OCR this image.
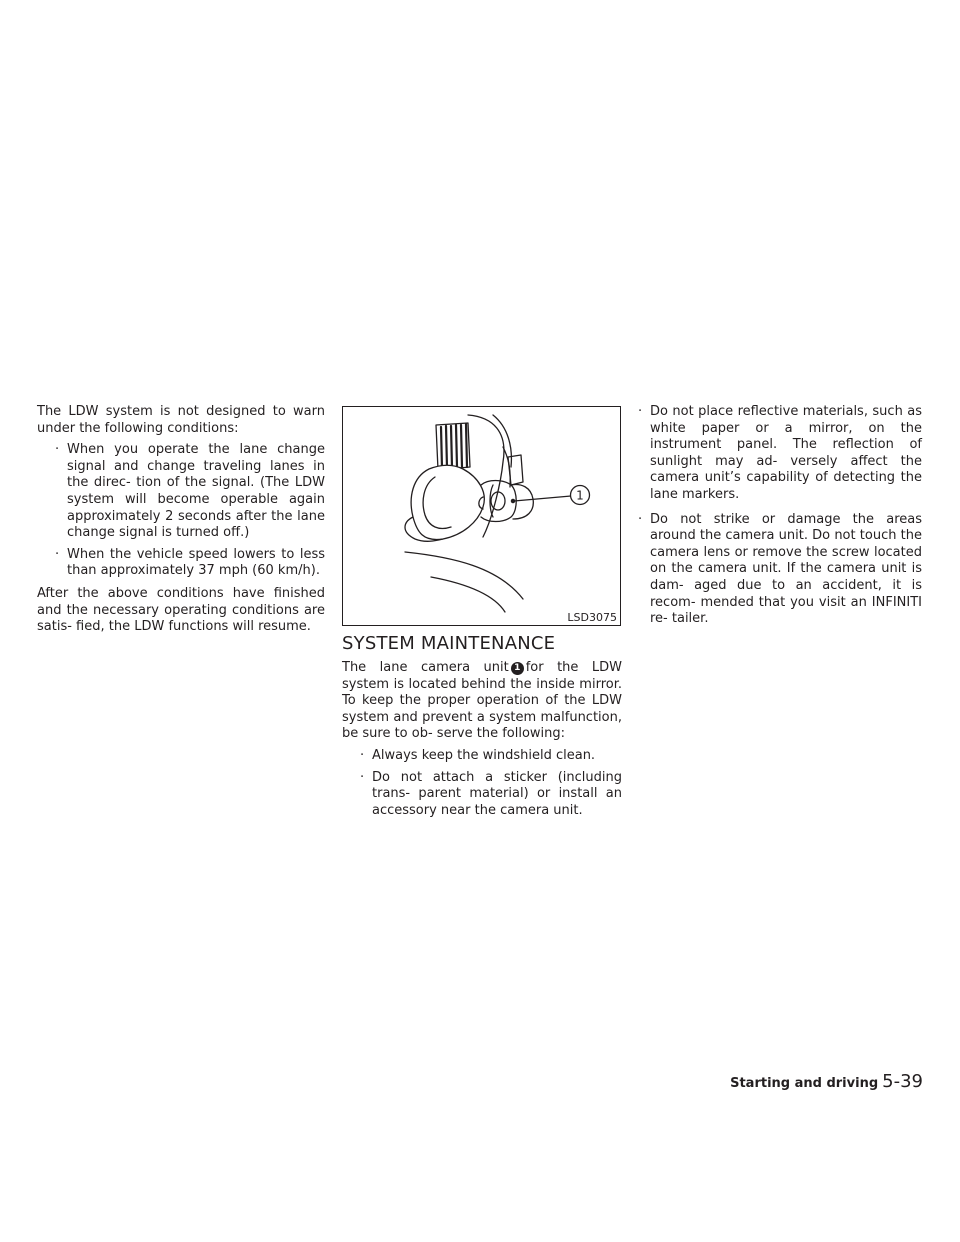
The LDW system is not designed to warn under the following conditions:

· When you operate the lane change signal and change traveling lanes in the direc- tion of the signal. (The LDW system will become operable again approximately 2 seconds after the lane change signal is turned off.)
· When the vehicle speed lowers to less than approximately 37 mph (60 km/h).

After the above conditions have finished and the necessary operating conditions are satis- fied, the LDW functions will resume.

1
LSD3075
SYSTEM MAINTENANCE

The lane camera unit 1 for the LDW system is located behind the inside mirror. To keep the proper operation of the LDW system and prevent a system malfunction, be sure to ob- serve the following:

· Always keep the windshield clean.
· Do not attach a sticker (including trans- parent material) or install an accessory near the camera unit.
· Do not place reflective materials, such as white paper or a mirror, on the instrument panel. The reflection of sunlight may ad- versely affect the camera unit’s capability of detecting the lane markers.
· Do not strike or damage the areas around the camera unit. Do not touch the camera lens or remove the screw located on the camera unit. If the camera unit is dam- aged due to an accident, it is recom- mended that you visit an INFINITI re- tailer.
Starting and driving 5-39
